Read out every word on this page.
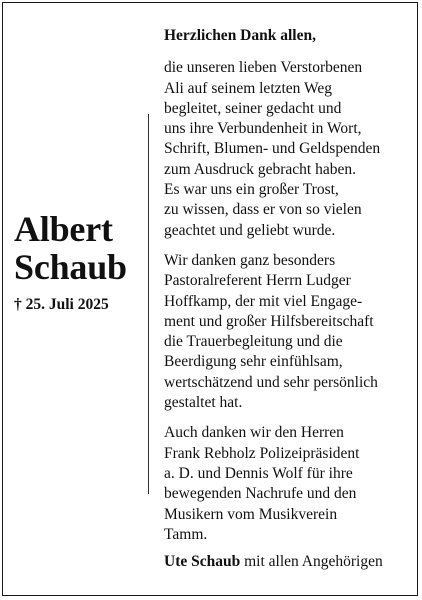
Albert
Schaub
† 25. Juli 2025
Herzlichen Dank allen,
die unseren lieben Verstorbenen
Ali auf seinem letzten Weg
begleitet, seiner gedacht und
uns ihre Verbundenheit in Wort,
Schrift, Blumen- und Geldspenden
zum Ausdruck gebracht haben.
Es war uns ein großer Trost,
zu wissen, dass er von so vielen
geachtet und geliebt wurde.
Wir danken ganz besonders
Pastoralreferent Herrn Ludger
Hoffkamp, der mit viel Engage-
ment und großer Hilfsbereitschaft
die Trauerbegleitung und die
Beerdigung sehr einfühlsam,
wertschätzend und sehr persönlich
gestaltet hat.
Auch danken wir den Herren
Frank Rebholz Polizeipräsident
a. D. und Dennis Wolf für ihre
bewegenden Nachrufe und den
Musikern vom Musikverein
Tamm.
Ute Schaub mit allen Angehörigen
